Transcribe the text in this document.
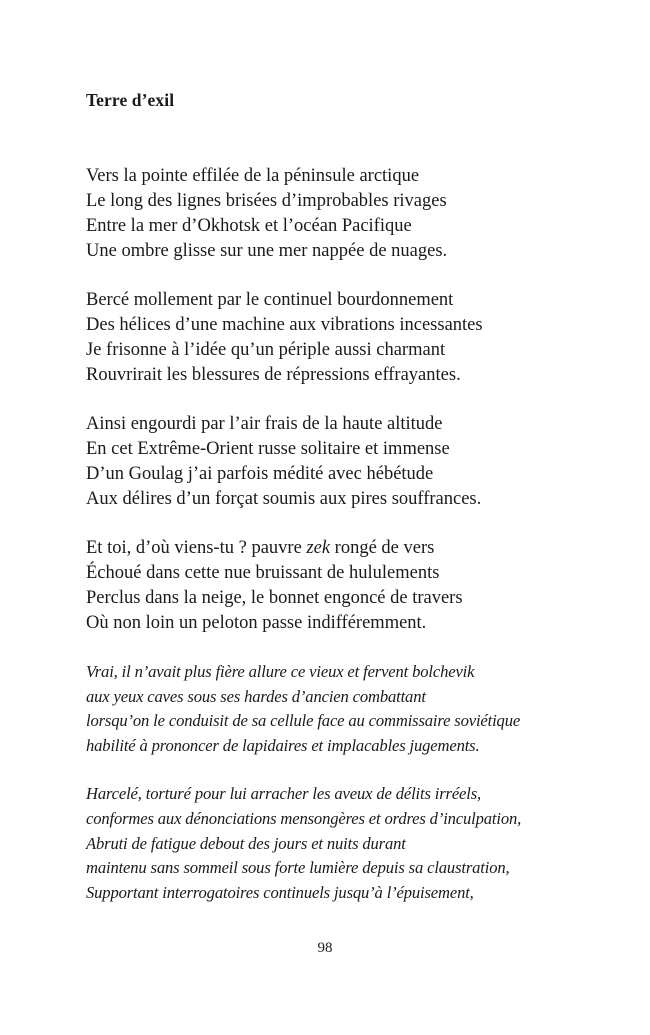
Terre d’exil
Vers la pointe effilée de la péninsule arctique
Le long des lignes brisées d’improbables rivages
Entre la mer d’Okhotsk et l’océan Pacifique
Une ombre glisse sur une mer nappée de nuages.
Bercé mollement par le continuel bourdonnement
Des hélices d’une machine aux vibrations incessantes
Je frisonne à l’idée qu’un périple aussi charmant
Rouvrirait les blessures de répressions effrayantes.
Ainsi engourdi par l’air frais de la haute altitude
En cet Extrême-Orient russe solitaire et immense
D’un Goulag j’ai parfois médité avec hébétude
Aux délires d’un forçat soumis aux pires souffrances.
Et toi, d’où viens-tu ? pauvre zek rongé de vers
Échoué dans cette nue bruissant de hululements
Perclus dans la neige, le bonnet engoncé de travers
Où non loin un peloton passe indifféremment.
Vrai, il n’avait plus fière allure ce vieux et fervent bolchevik
aux yeux caves sous ses hardes d’ancien combattant
lorsqu’on le conduisit de sa cellule face au commissaire soviétique
habilité à prononcer de lapidaires et implacables jugements.
Harcelé, torturé pour lui arracher les aveux de délits irréels,
conformes aux dénonciations mensongères et ordres d’inculpation,
Abruti de fatigue debout des jours et nuits durant
maintenu sans sommeil sous forte lumière depuis sa claustration,
Supportant interrogatoires continuels jusqu’à l’épuisement,
98
